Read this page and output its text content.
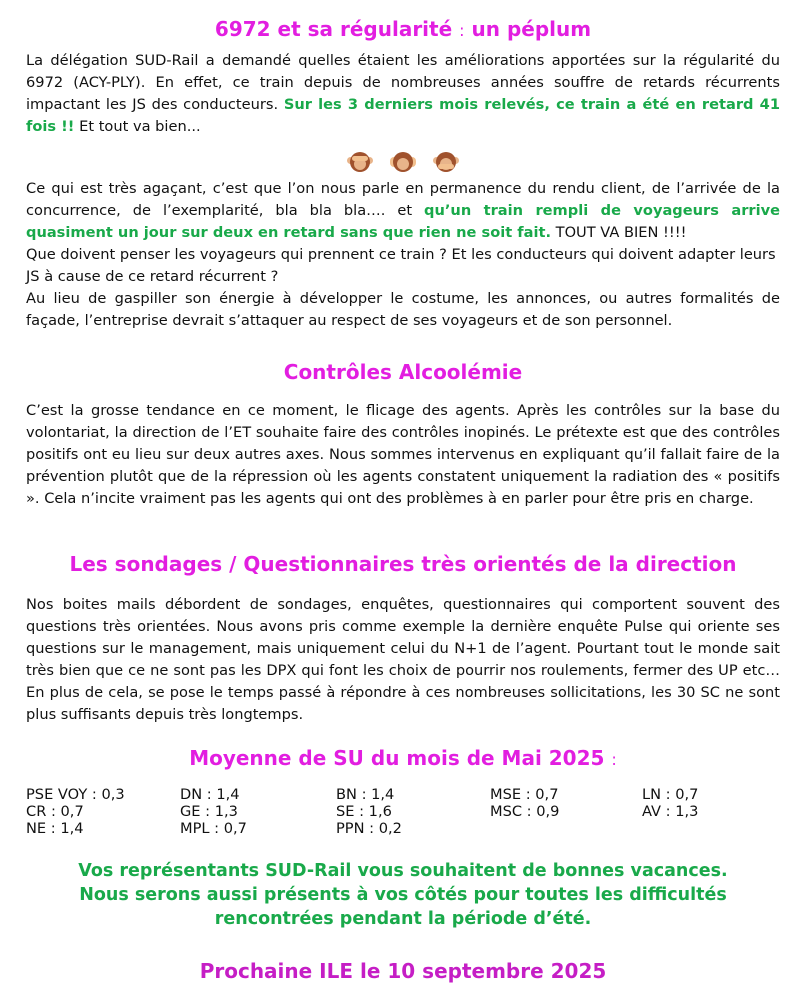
6972 et sa régularité : un péplum

La délégation SUD-Rail a demandé quelles étaient les améliorations apportées sur la régularité du 6972 (ACY-PLY). En effet, ce train depuis de nombreuses années souffre de retards récurrents impactant les JS des conducteurs. Sur les 3 derniers mois relevés, ce train a été en retard 41 fois !! Et tout va bien...

Ce qui est très agaçant, c’est que l’on nous parle en permanence du rendu client, de l’arrivée de la concurrence, de l’exemplarité, bla bla bla…. et qu’un train rempli de voyageurs arrive quasiment un jour sur deux en retard sans que rien ne soit fait. TOUT VA BIEN !!!!

Que doivent penser les voyageurs qui prennent ce train ? Et les conducteurs qui doivent adapter leurs JS à cause de ce retard récurrent ?

Au lieu de gaspiller son énergie à développer le costume, les annonces, ou autres formalités de façade, l’entreprise devrait s’attaquer au respect de ses voyageurs et de son personnel.

Contrôles Alcoolémie

C’est la grosse tendance en ce moment, le flicage des agents. Après les contrôles sur la base du volontariat, la direction de l’ET souhaite faire des contrôles inopinés. Le prétexte est que des contrôles positifs ont eu lieu sur deux autres axes. Nous sommes intervenus en expliquant qu’il fallait faire de la prévention plutôt que de la répression où les agents constatent uniquement la radiation des « positifs ». Cela n’incite vraiment pas les agents qui ont des problèmes à en parler pour être pris en charge.

Les sondages / Questionnaires très orientés de la direction

Nos boites mails débordent de sondages, enquêtes, questionnaires qui comportent souvent des questions très orientées. Nous avons pris comme exemple la dernière enquête Pulse qui oriente ses questions sur le management, mais uniquement celui du N+1 de l’agent. Pourtant tout le monde sait très bien que ce ne sont pas les DPX qui font les choix de pourrir nos roulements, fermer des UP etc… En plus de cela, se pose le temps passé à répondre à ces nombreuses sollicitations, les 30 SC ne sont plus suffisants depuis très longtemps.

Moyenne de SU du mois de Mai 2025 :
PSE VOY : 0,3	DN : 1,4	BN : 1,4	MSE : 0,7	LN : 0,7
CR : 0,7	GE : 1,3	SE : 1,6	MSC : 0,9	AV : 1,3
NE : 1,4	MPL : 0,7	PPN : 0,2

Vos représentants SUD-Rail vous souhaitent de bonnes vacances.

Nous serons aussi présents à vos côtés pour toutes les difficultés

rencontrées pendant la période d’été.

Prochaine ILE le 10 septembre 2025
